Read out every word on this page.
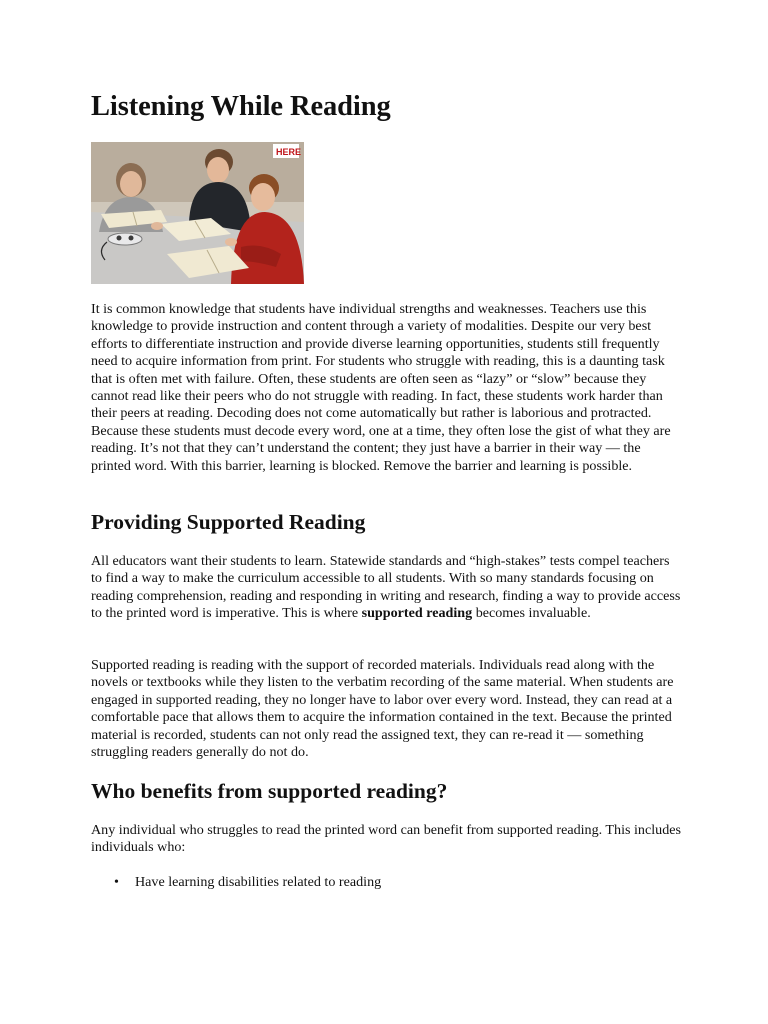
Listening While Reading
HERE

It is common knowledge that students have individual strengths and weaknesses. Teachers use this knowledge to provide instruction and content through a variety of modalities. Despite our very best efforts to differentiate instruction and provide diverse learning opportunities, students still frequently need to acquire information from print. For students who struggle with reading, this is a daunting task that is often met with failure. Often, these students are often seen as “lazy” or “slow” because they cannot read like their peers who do not struggle with reading. In fact, these students work harder than their peers at reading. Decoding does not come automatically but rather is laborious and protracted. Because these students must decode every word, one at a time, they often lose the gist of what they are reading. It’s not that they can’t understand the content; they just have a barrier in their way — the printed word. With this barrier, learning is blocked. Remove the barrier and learning is possible.

Providing Supported Reading

All educators want their students to learn. Statewide standards and “high-stakes” tests compel teachers to find a way to make the curriculum accessible to all students. With so many standards focusing on reading comprehension, reading and responding in writing and research, finding a way to provide access to the printed word is imperative. This is where supported reading becomes invaluable.

Supported reading is reading with the support of recorded materials. Individuals read along with the novels or textbooks while they listen to the verbatim recording of the same material. When students are engaged in supported reading, they no longer have to labor over every word. Instead, they can read at a comfortable pace that allows them to acquire the information contained in the text. Because the printed material is recorded, students can not only read the assigned text, they can re-read it — something struggling readers generally do not do.

Who benefits from supported reading?

Any individual who struggles to read the printed word can benefit from supported reading. This includes individuals who:

• Have learning disabilities related to reading
